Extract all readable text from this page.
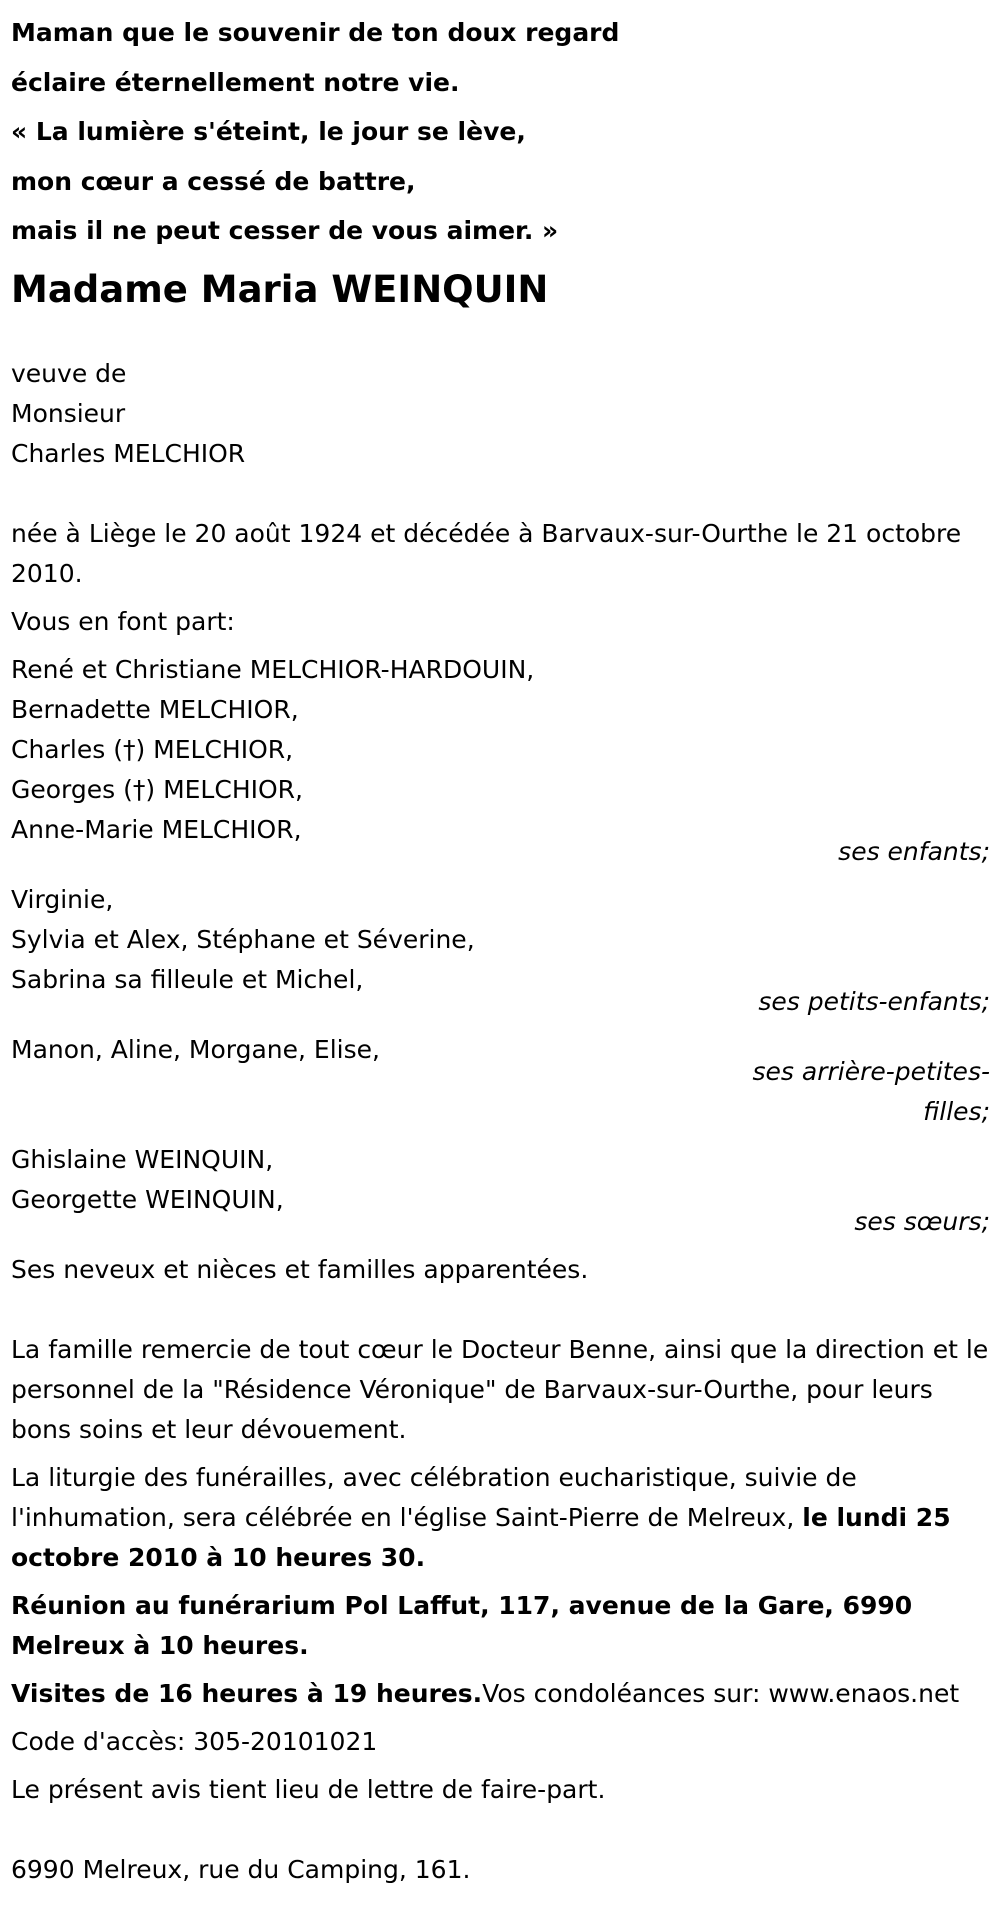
Maman que le souvenir de ton doux regard
éclaire éternellement notre vie.
« La lumière s'éteint, le jour se lève,
mon cœur a cessé de battre,
mais il ne peut cesser de vous aimer. »
Madame Maria WEINQUIN
veuve de
Monsieur
Charles MELCHIOR
née à Liège le 20 août 1924 et décédée à Barvaux-sur-Ourthe le 21 octobre 2010.
Vous en font part:
René et Christiane MELCHIOR-HARDOUIN,
Bernadette MELCHIOR,
Charles (†) MELCHIOR,
Georges (†) MELCHIOR,
Anne-Marie MELCHIOR,
ses enfants;
Virginie,
Sylvia et Alex, Stéphane et Séverine,
Sabrina sa filleule et Michel,
ses petits-enfants;
Manon, Aline, Morgane, Elise,
ses arrière-petites-
filles;
Ghislaine WEINQUIN,
Georgette WEINQUIN,
ses sœurs;
Ses neveux et nièces et familles apparentées.
La famille remercie de tout cœur le Docteur Benne, ainsi que la direction et le personnel de la "Résidence Véronique" de Barvaux-sur-Ourthe, pour leurs bons soins et leur dévouement.
La liturgie des funérailles, avec célébration eucharistique, suivie de l'inhumation, sera célébrée en l'église Saint-Pierre de Melreux, le lundi 25 octobre 2010 à 10 heures 30.
Réunion au funérarium Pol Laffut, 117, avenue de la Gare, 6990 Melreux à 10 heures.
Visites de 16 heures à 19 heures.Vos condoléances sur: www.enaos.net
Code d'accès: 305-20101021
Le présent avis tient lieu de lettre de faire-part.
6990 Melreux, rue du Camping, 161.
